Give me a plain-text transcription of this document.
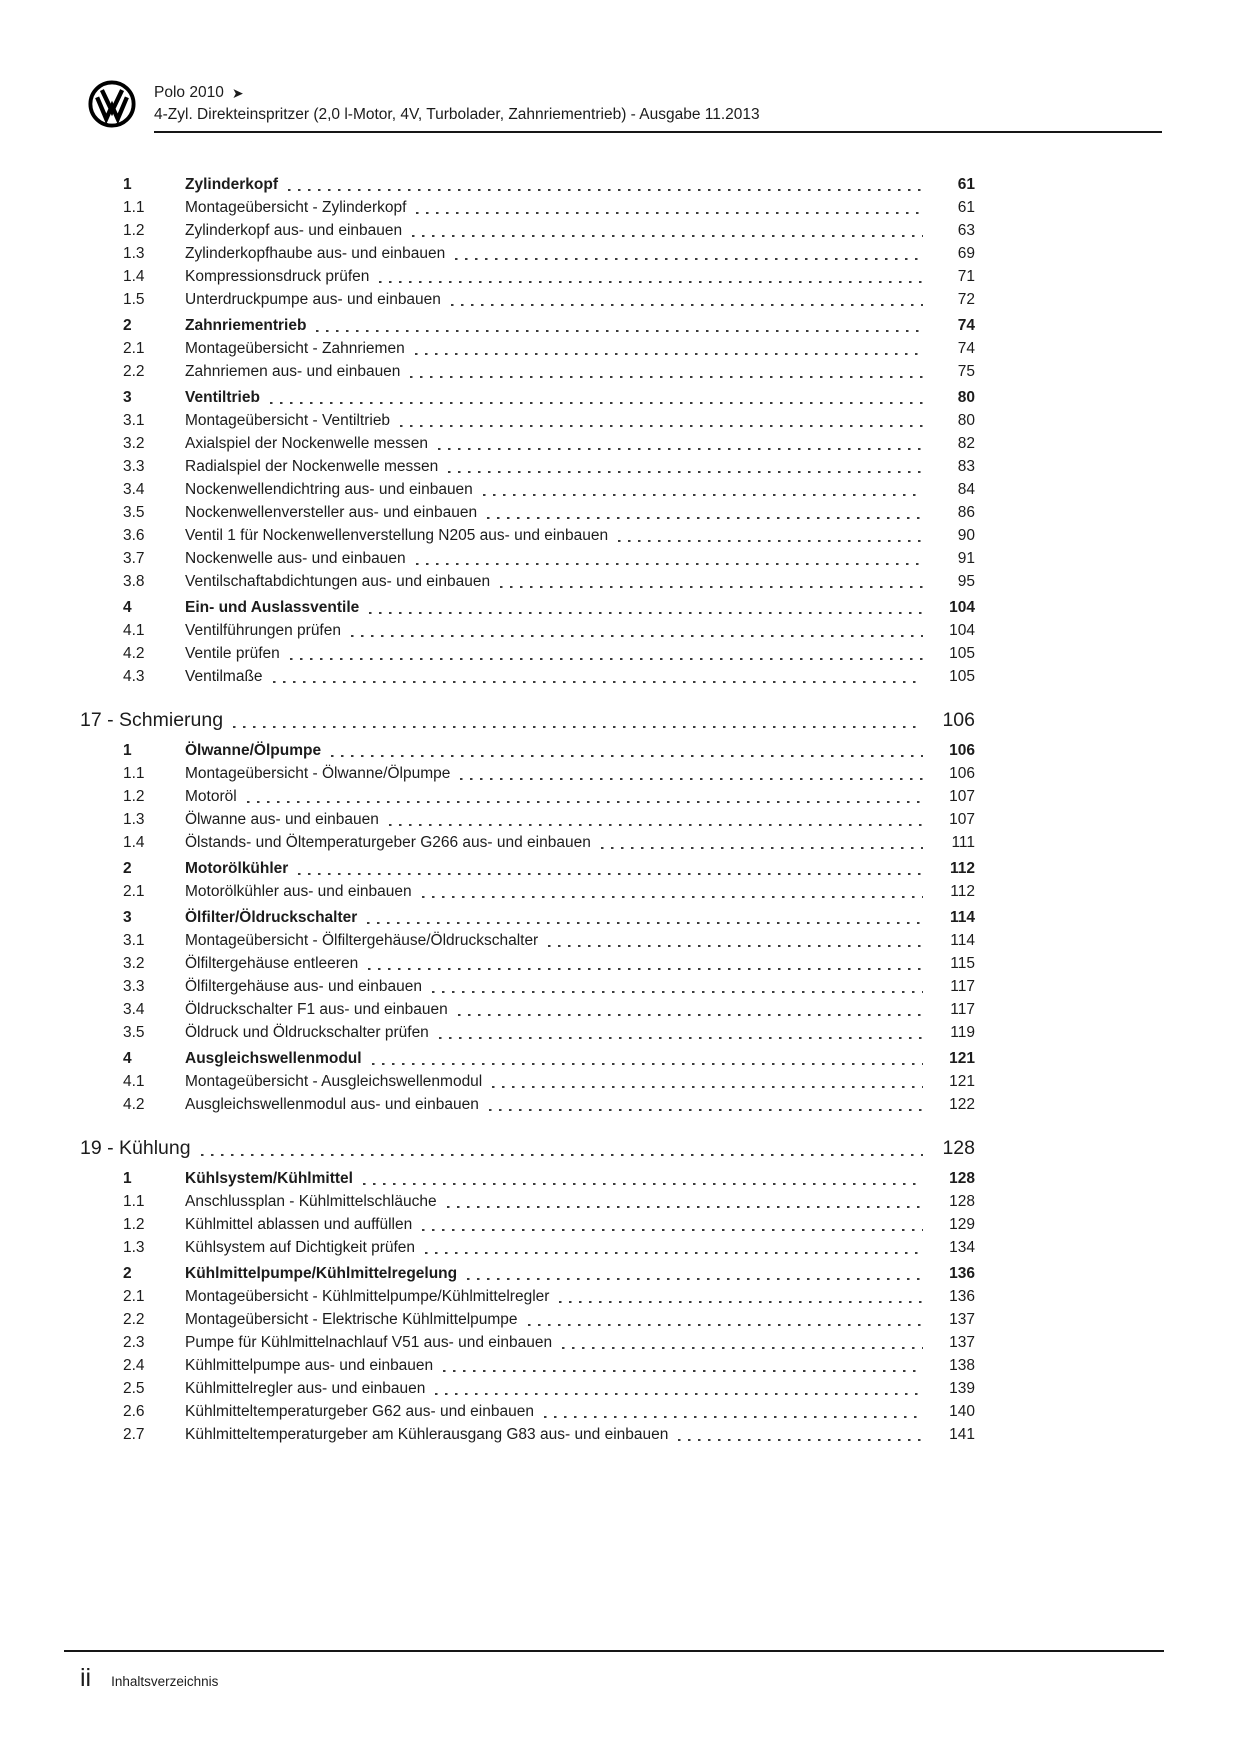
Polo 2010 ➤
4-Zyl. Direkteinspritzer (2,0 l-Motor, 4V, Turbolader, Zahnriementrieb) - Ausgabe 11.2013
1	Zylinderkopf	61
1.1	Montageübersicht - Zylinderkopf	61
1.2	Zylinderkopf aus- und einbauen	63
1.3	Zylinderkopfhaube aus- und einbauen	69
1.4	Kompressionsdruck prüfen	71
1.5	Unterdruckpumpe aus- und einbauen	72
2	Zahnriementrieb	74
2.1	Montageübersicht - Zahnriemen	74
2.2	Zahnriemen aus- und einbauen	75
3	Ventiltrieb	80
3.1	Montageübersicht - Ventiltrieb	80
3.2	Axialspiel der Nockenwelle messen	82
3.3	Radialspiel der Nockenwelle messen	83
3.4	Nockenwellendichtring aus- und einbauen	84
3.5	Nockenwellenversteller aus- und einbauen	86
3.6	Ventil 1 für Nockenwellenverstellung N205 aus- und einbauen	90
3.7	Nockenwelle aus- und einbauen	91
3.8	Ventilschaftabdichtungen aus- und einbauen	95
4	Ein- und Auslassventile	104
4.1	Ventilführungen prüfen	104
4.2	Ventile prüfen	105
4.3	Ventilmaße	105
17 - Schmierung	106
1	Ölwanne/Ölpumpe	106
1.1	Montageübersicht - Ölwanne/Ölpumpe	106
1.2	Motoröl	107
1.3	Ölwanne aus- und einbauen	107
1.4	Ölstands- und Öltemperaturgeber G266 aus- und einbauen	111
2	Motorölkühler	112
2.1	Motorölkühler aus- und einbauen	112
3	Ölfilter/Öldruckschalter	114
3.1	Montageübersicht - Ölfiltergehäuse/Öldruckschalter	114
3.2	Ölfiltergehäuse entleeren	115
3.3	Ölfiltergehäuse aus- und einbauen	117
3.4	Öldruckschalter F1 aus- und einbauen	117
3.5	Öldruck und Öldruckschalter prüfen	119
4	Ausgleichswellenmodul	121
4.1	Montageübersicht - Ausgleichswellenmodul	121
4.2	Ausgleichswellenmodul aus- und einbauen	122
19 - Kühlung	128
1	Kühlsystem/Kühlmittel	128
1.1	Anschlussplan - Kühlmittelschläuche	128
1.2	Kühlmittel ablassen und auffüllen	129
1.3	Kühlsystem auf Dichtigkeit prüfen	134
2	Kühlmittelpumpe/Kühlmittelregelung	136
2.1	Montageübersicht - Kühlmittelpumpe/Kühlmittelregler	136
2.2	Montageübersicht - Elektrische Kühlmittelpumpe	137
2.3	Pumpe für Kühlmittelnachlauf V51 aus- und einbauen	137
2.4	Kühlmittelpumpe aus- und einbauen	138
2.5	Kühlmittelregler aus- und einbauen	139
2.6	Kühlmitteltemperaturgeber G62 aus- und einbauen	140
2.7	Kühlmitteltemperaturgeber am Kühlerausgang G83 aus- und einbauen	141
ii Inhaltsverzeichnis
